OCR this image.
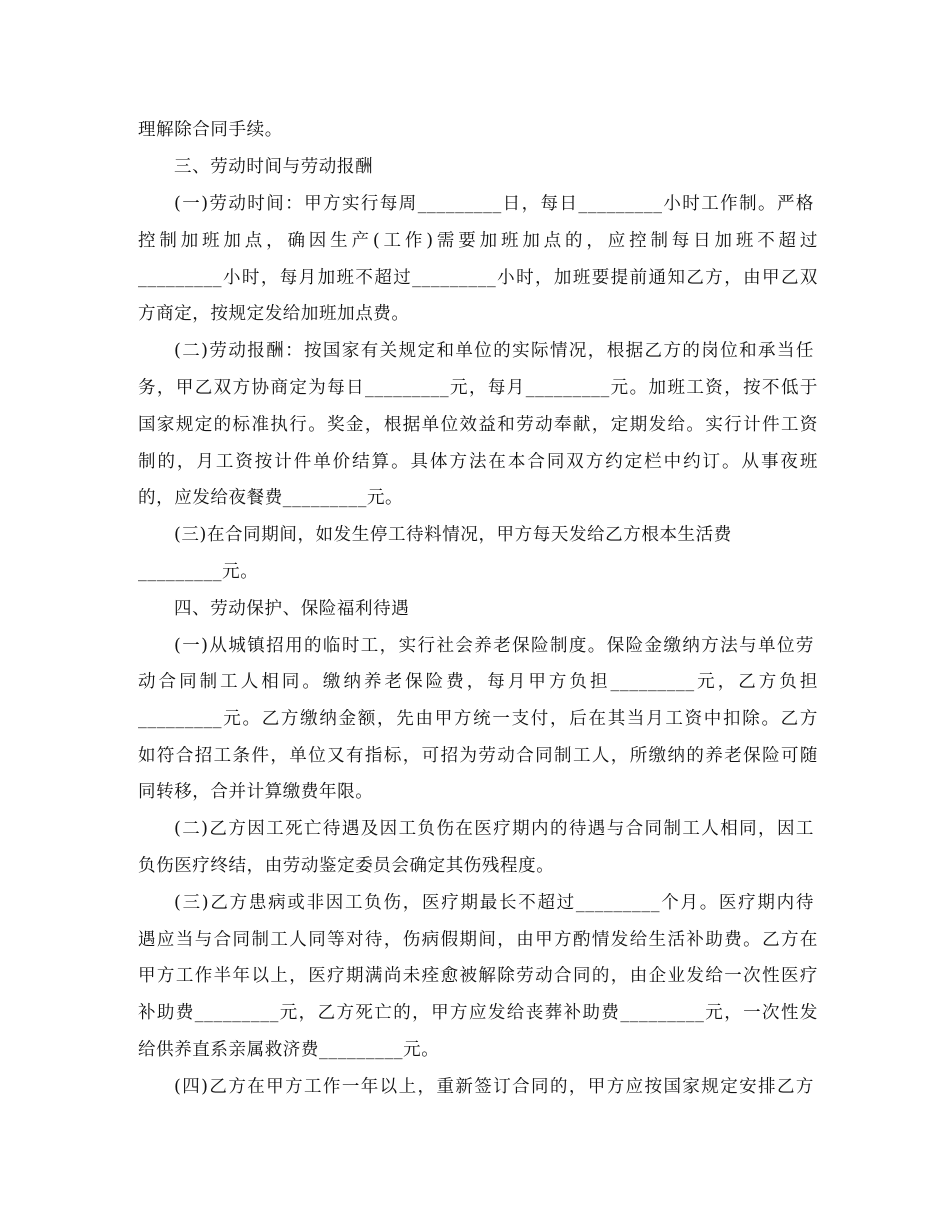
理解除合同手续。
三、劳动时间与劳动报酬
(一)劳动时间：甲方实行每周_________日，每日_________小时工作制。严格
控制加班加点，确因生产(工作)需要加班加点的，应控制每日加班不超过
_________小时，每月加班不超过_________小时，加班要提前通知乙方，由甲乙双
方商定，按规定发给加班加点费。
(二)劳动报酬：按国家有关规定和单位的实际情况，根据乙方的岗位和承当任
务，甲乙双方协商定为每日_________元，每月_________元。加班工资，按不低于
国家规定的标准执行。奖金，根据单位效益和劳动奉献，定期发给。实行计件工资
制的，月工资按计件单价结算。具体方法在本合同双方约定栏中约订。从事夜班
的，应发给夜餐费_________元。
(三)在合同期间，如发生停工待料情况，甲方每天发给乙方根本生活费
_________元。
四、劳动保护、保险福利待遇
(一)从城镇招用的临时工，实行社会养老保险制度。保险金缴纳方法与单位劳
动合同制工人相同。缴纳养老保险费，每月甲方负担_________元，乙方负担
_________元。乙方缴纳金额，先由甲方统一支付，后在其当月工资中扣除。乙方
如符合招工条件，单位又有指标，可招为劳动合同制工人，所缴纳的养老保险可随
同转移，合并计算缴费年限。
(二)乙方因工死亡待遇及因工负伤在医疗期内的待遇与合同制工人相同，因工
负伤医疗终结，由劳动鉴定委员会确定其伤残程度。
(三)乙方患病或非因工负伤，医疗期最长不超过_________个月。医疗期内待
遇应当与合同制工人同等对待，伤病假期间，由甲方酌情发给生活补助费。乙方在
甲方工作半年以上，医疗期满尚未痊愈被解除劳动合同的，由企业发给一次性医疗
补助费_________元，乙方死亡的，甲方应发给丧葬补助费_________元，一次性发
给供养直系亲属救济费_________元。
(四)乙方在甲方工作一年以上，重新签订合同的，甲方应按国家规定安排乙方
